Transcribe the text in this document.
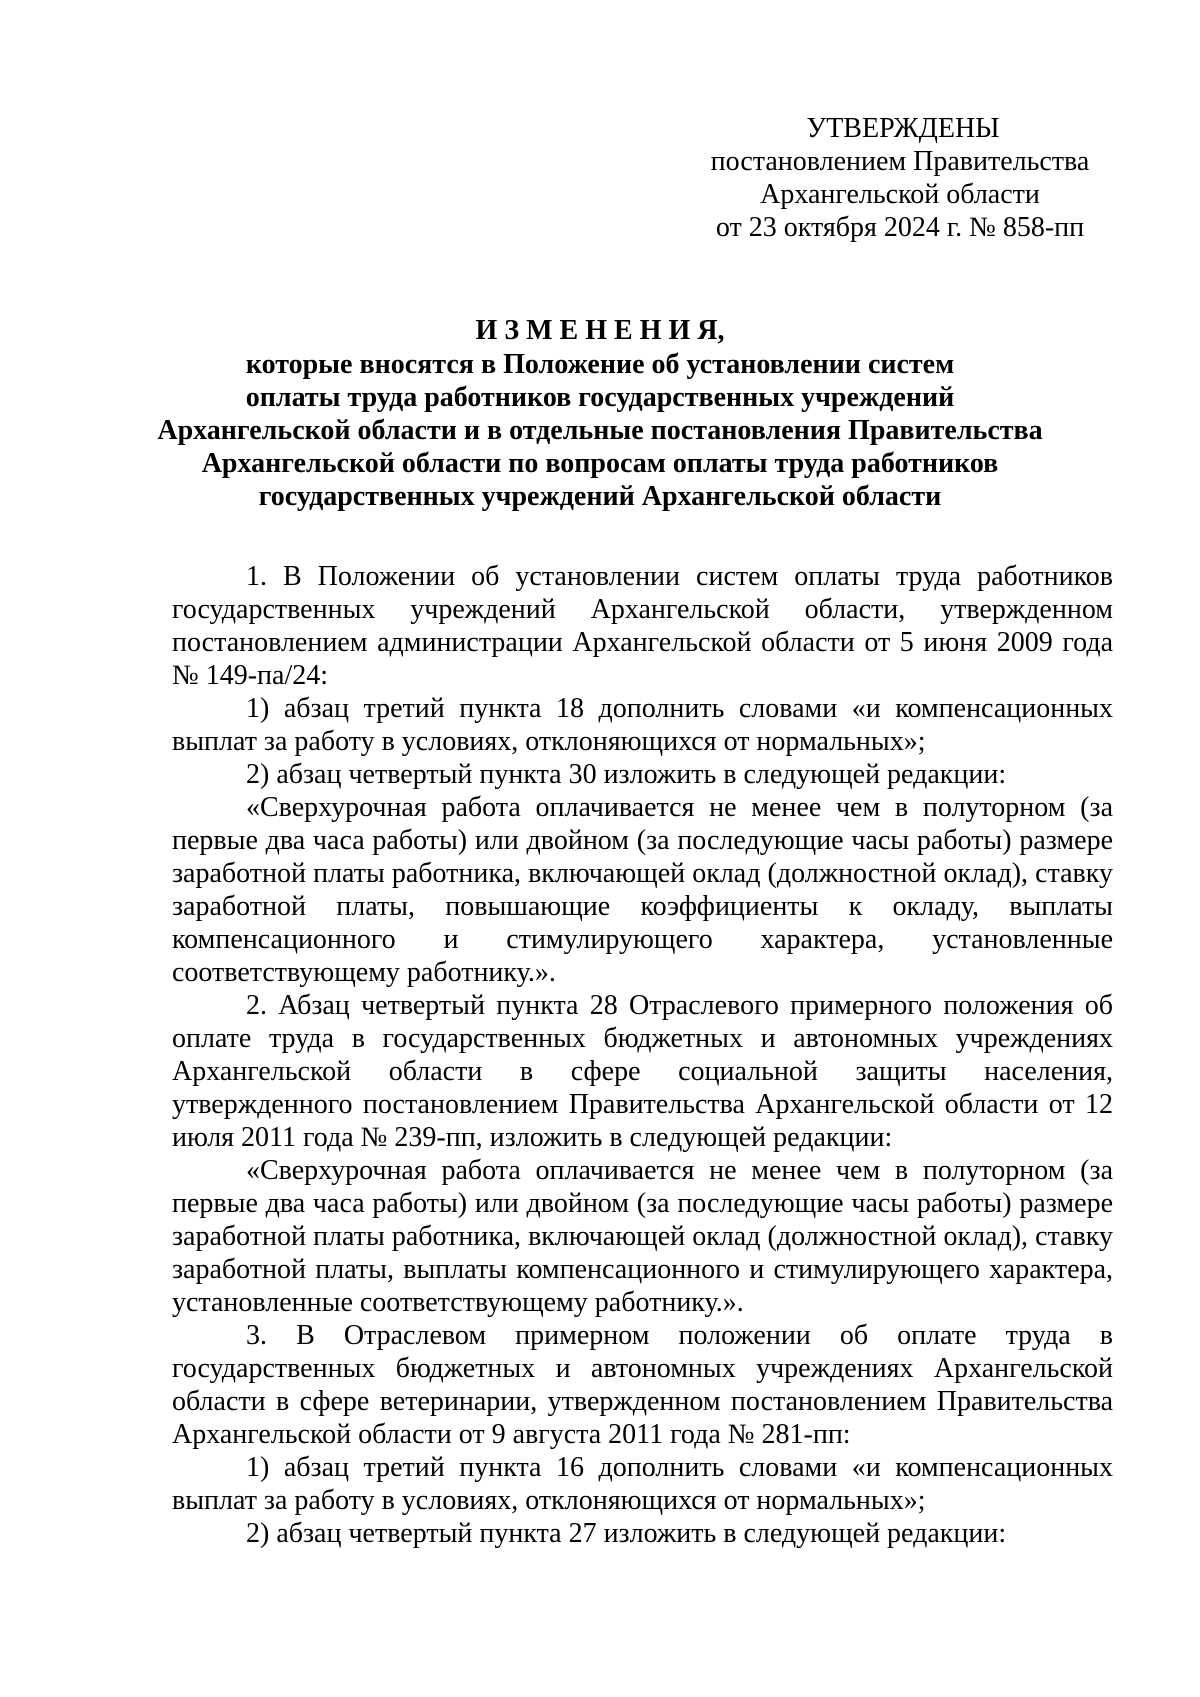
УТВЕРЖДЕНЫ
постановлением Правительства
Архангельской области
от 23 октября 2024 г. № 858-пп
И З М Е Н Е Н И Я,
которые вносятся в Положение об установлении систем
оплаты труда работников государственных учреждений
Архангельской области и в отдельные постановления Правительства
Архангельской области по вопросам оплаты труда работников
государственных учреждений Архангельской области

1. В Положении об установлении систем оплаты труда работников государственных учреждений Архангельской области, утвержденном постановлением администрации Архангельской области от 5 июня 2009 года № 149-па/24:

1) абзац третий пункта 18 дополнить словами «и компенсационных выплат за работу в условиях, отклоняющихся от нормальных»;

2) абзац четвертый пункта 30 изложить в следующей редакции:

«Сверхурочная работа оплачивается не менее чем в полуторном (за первые два часа работы) или двойном (за последующие часы работы) размере заработной платы работника, включающей оклад (должностной оклад), ставку заработной платы, повышающие коэффициенты к окладу, выплаты компенсационного и стимулирующего характера, установленные соответствующему работнику.».

2. Абзац четвертый пункта 28 Отраслевого примерного положения об оплате труда в государственных бюджетных и автономных учреждениях Архангельской области в сфере социальной защиты населения, утвержденного постановлением Правительства Архангельской области от 12 июля 2011 года № 239-пп, изложить в следующей редакции:

«Сверхурочная работа оплачивается не менее чем в полуторном (за первые два часа работы) или двойном (за последующие часы работы) размере заработной платы работника, включающей оклад (должностной оклад), ставку заработной платы, выплаты компенсационного и стимулирующего характера, установленные соответствующему работнику.».

3. В Отраслевом примерном положении об оплате труда в государственных бюджетных и автономных учреждениях Архангельской области в сфере ветеринарии, утвержденном постановлением Правительства Архангельской области от 9 августа 2011 года № 281-пп:

1) абзац третий пункта 16 дополнить словами «и компенсационных выплат за работу в условиях, отклоняющихся от нормальных»;

2) абзац четвертый пункта 27 изложить в следующей редакции:
